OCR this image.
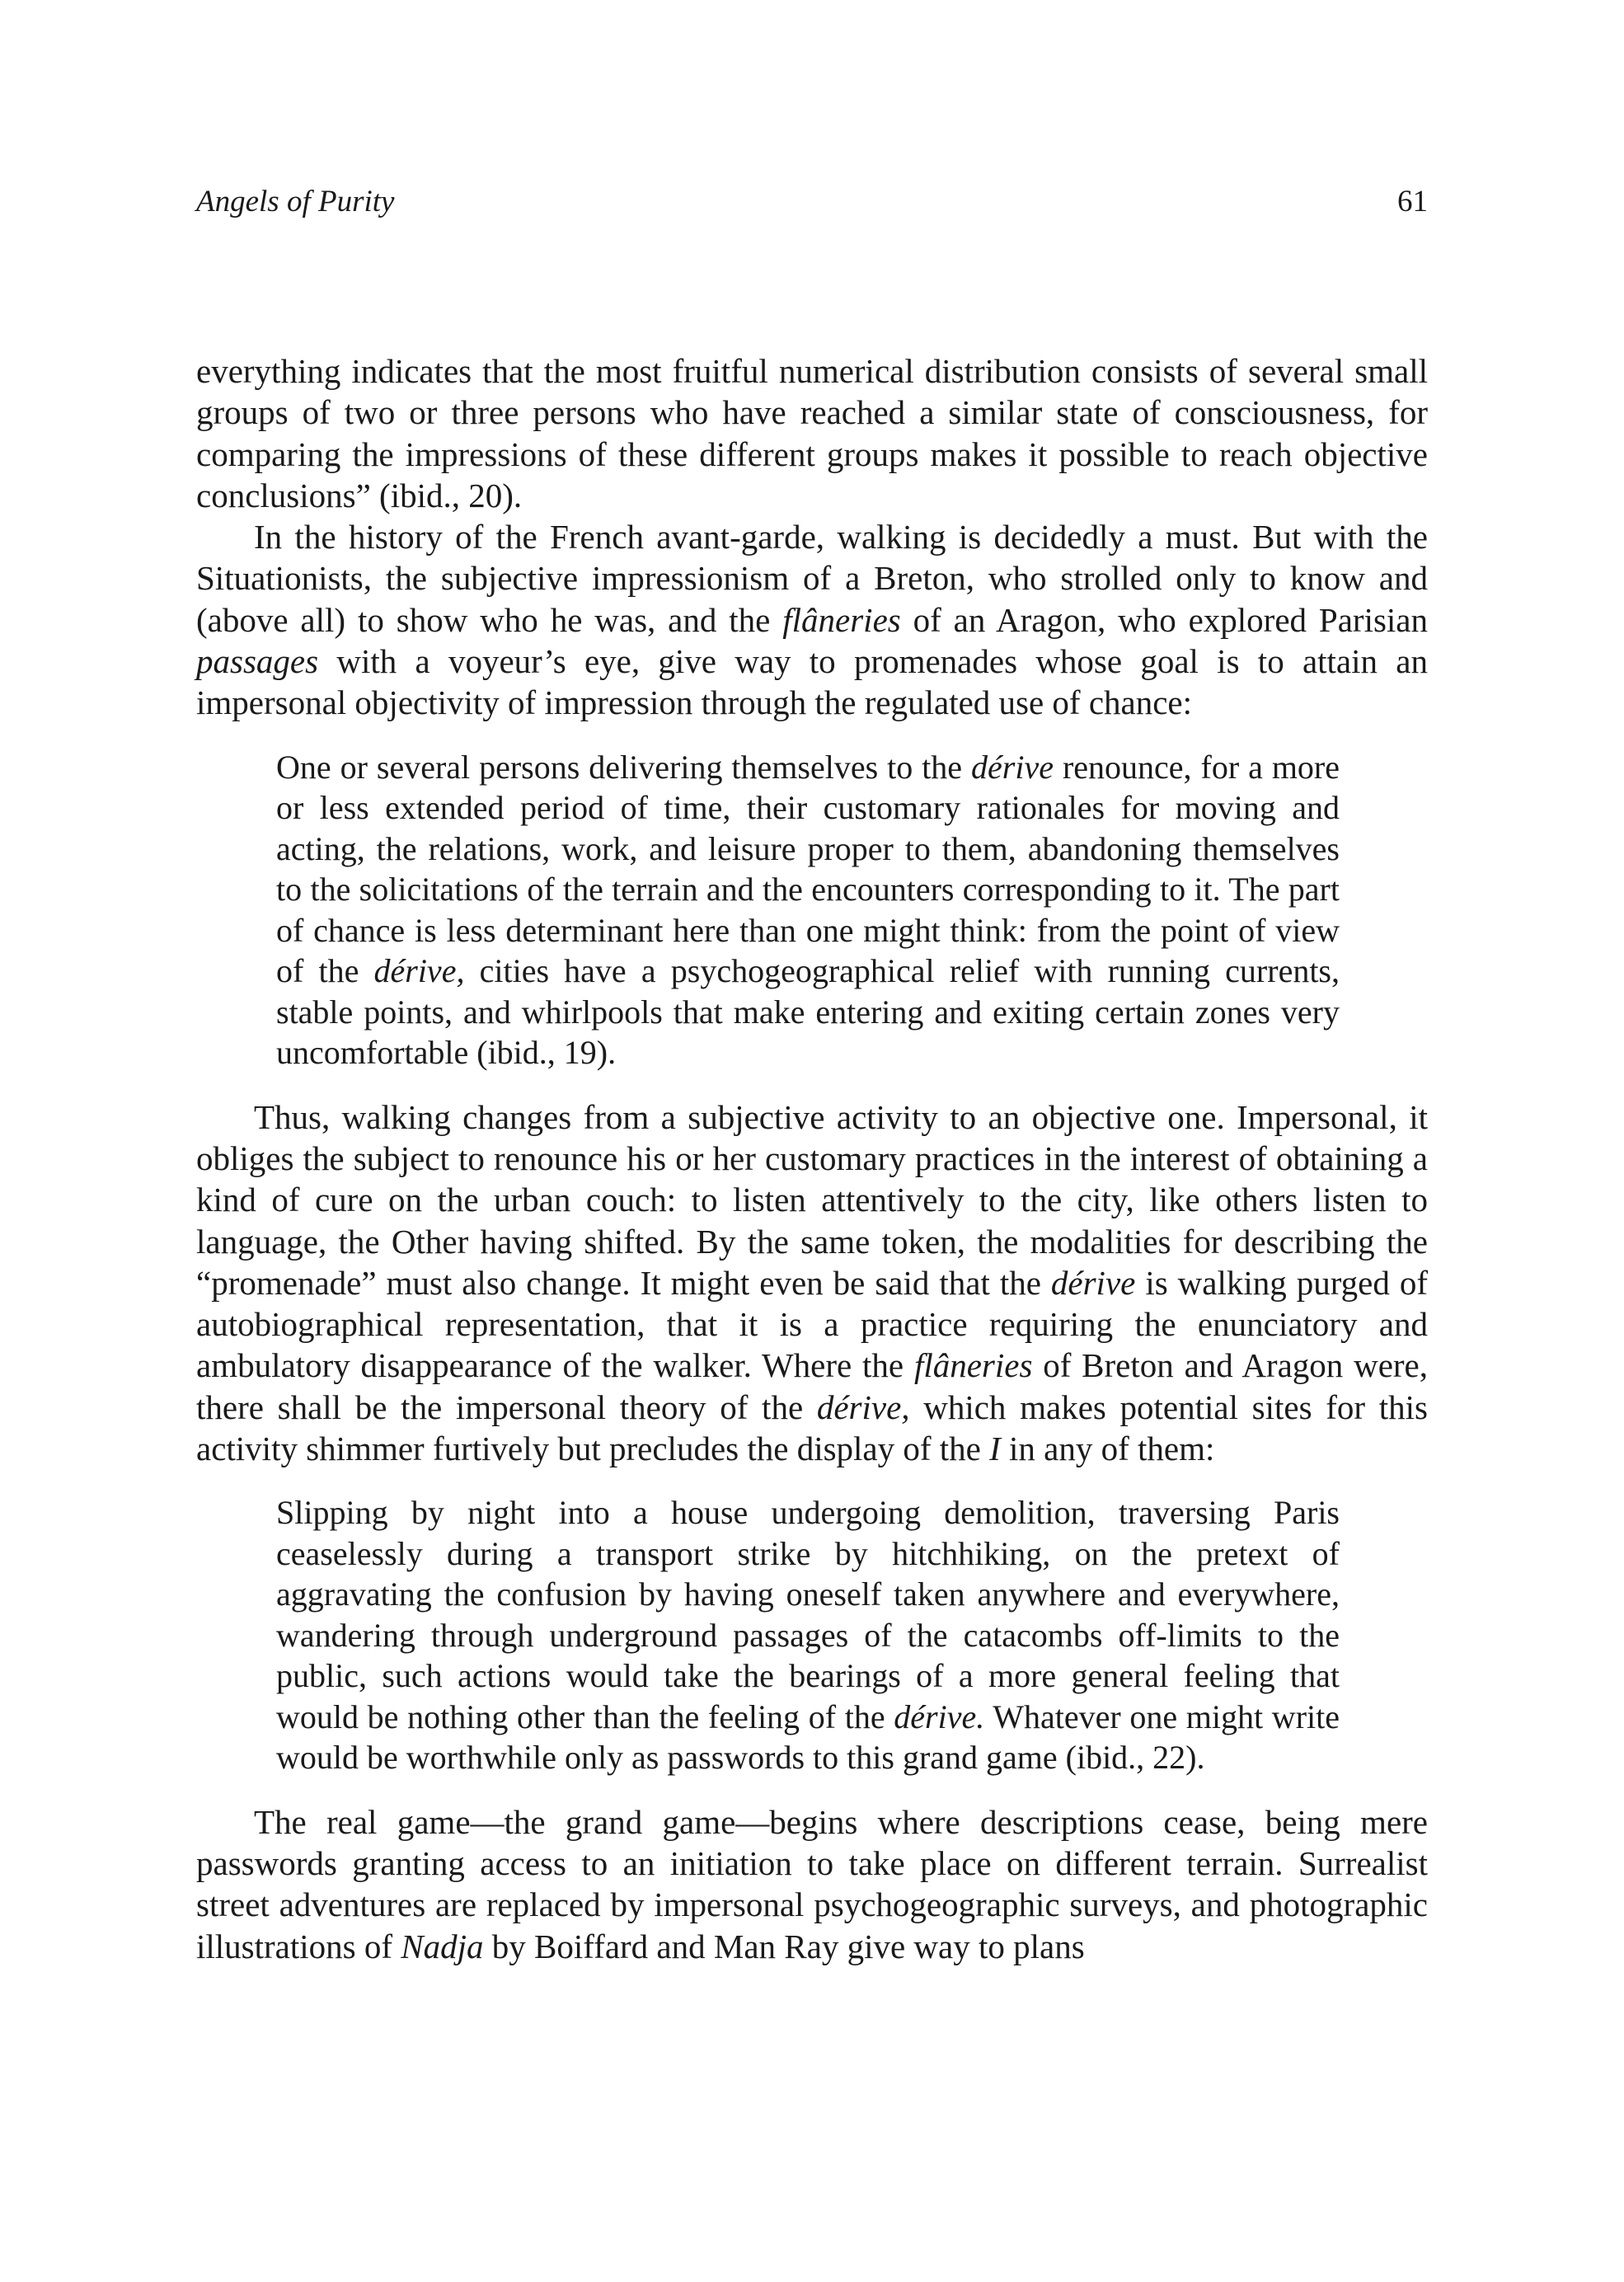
Angels of Purity	61

everything indicates that the most fruitful numerical distribution consists of several small groups of two or three persons who have reached a similar state of consciousness, for comparing the impressions of these different groups makes it possible to reach objective conclusions” (ibid., 20).

In the history of the French avant-garde, walking is decidedly a must. But with the Situationists, the subjective impressionism of a Breton, who strolled only to know and (above all) to show who he was, and the flâneries of an Aragon, who explored Parisian passages with a voyeur’s eye, give way to promenades whose goal is to attain an impersonal objectivity of impression through the regulated use of chance:

One or several persons delivering themselves to the dérive renounce, for a more or less extended period of time, their customary rationales for moving and acting, the relations, work, and leisure proper to them, abandoning themselves to the solicitations of the terrain and the encounters corresponding to it. The part of chance is less determinant here than one might think: from the point of view of the dérive, cities have a psychogeographical relief with running currents, stable points, and whirlpools that make entering and exiting certain zones very uncomfortable (ibid., 19).

Thus, walking changes from a subjective activity to an objective one. Impersonal, it obliges the subject to renounce his or her customary practices in the interest of obtaining a kind of cure on the urban couch: to listen attentively to the city, like others listen to language, the Other having shifted. By the same token, the modalities for describing the “promenade” must also change. It might even be said that the dérive is walking purged of autobiographical representation, that it is a practice requiring the enunciatory and ambulatory disappearance of the walker. Where the flâneries of Breton and Aragon were, there shall be the impersonal theory of the dérive, which makes potential sites for this activity shimmer furtively but precludes the display of the I in any of them:

Slipping by night into a house undergoing demolition, traversing Paris ceaselessly during a transport strike by hitchhiking, on the pretext of aggravating the confusion by having oneself taken anywhere and everywhere, wandering through underground passages of the catacombs off-limits to the public, such actions would take the bearings of a more general feeling that would be nothing other than the feeling of the dérive. Whatever one might write would be worthwhile only as passwords to this grand game (ibid., 22).

The real game—the grand game—begins where descriptions cease, being mere passwords granting access to an initiation to take place on different terrain. Surrealist street adventures are replaced by impersonal psychogeographic surveys, and photographic illustrations of Nadja by Boiffard and Man Ray give way to plans
